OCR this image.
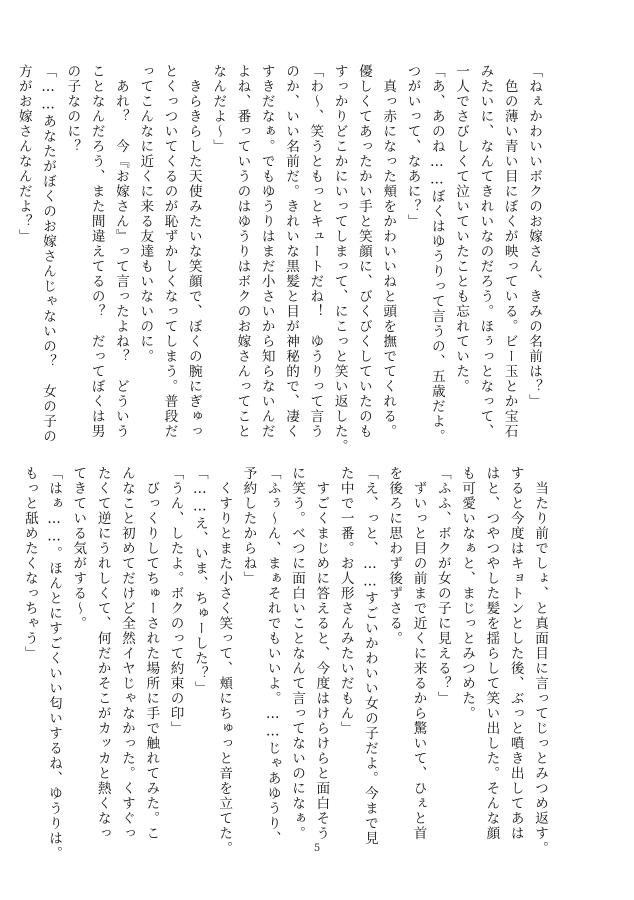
「ねぇかわいいボクのお嫁さん、きみの名前は？」
　色の薄い青い目にぼくが映っている。ビー玉とか宝石
みたいに、なんてきれいなのだろう。ほぅっとなって、
一人でさびしくて泣いていたことも忘れていた。
「あ、あのね……ぼくはゆうりって言うの、五歳だよ。
つがいって、なあに？」
　真っ赤になった頬をかわいいねと頭を撫でてくれる。
優しくてあったかい手と笑顔に、びくびくしていたのも
すっかりどこかにいってしまって、にこっと笑い返した。
「わ～、笑うともっとキュートだね！　ゆうりって言う
のか、いい名前だ。きれいな黒髪と目が神秘的で、凄く
すきだなぁ。でもゆうりはまだ小さいから知らないんだ
よね、番っていうのはゆうりはボクのお嫁さんってこと
なんだよ～」
　きらきらした天使みたいな笑顔で、ぼくの腕にぎゅっ
とくっついてくるのが恥ずかしくなってしまう。普段だ
ってこんなに近くに来る友達もいないのに。
　あれ？　今『お嫁さん』って言ったよね？　どういう
ことなんだろう、また間違えてるの？　だってぼくは男
の子なのに？
「……あなたがぼくのお嫁さんじゃないの？　女の子の
方がお嫁さんなんだよ？」
　当たり前でしょ、と真面目に言ってじっとみつめ返す。
すると今度はキョトンとした後、ぶっと噴き出してあは
はと、つやつやした髪を揺らして笑い出した。そんな顔
も可愛いなぁと、まじっとみつめた。
「ふふ、ボクが女の子に見える？」
　ずいっと目の前まで近くに来るから驚いて、ひぇと首
を後ろに思わず後ずさる。
「え、っと、……すごいかわいい女の子だよ。今まで見
た中で一番。お人形さんみたいだもん」
　すごくまじめに答えると、今度はけらけらと面白そう
に笑う。べつに面白いことなんて言ってないのになぁ。
「ふぅ～ん、まぁそれでもいいよ。……じゃあゆうり、
予約したからね」
　くすりとまた小さく笑って、頬にちゅっと音を立てた。
「……え、いま、ちゅーした？」
「うん、したよ。ボクのって約束の印」
　びっくりしてちゅーされた場所に手で触れてみた。こ
んなこと初めてだけど全然イヤじゃなかった。くすぐっ
たくて逆にうれしくて、何だかそこがカッカと熱くなっ
てきている気がする～。
「はぁ……。ほんとにすごくいい匂いするね、ゆうりは。
もっと舐めたくなっちゃう」
5
